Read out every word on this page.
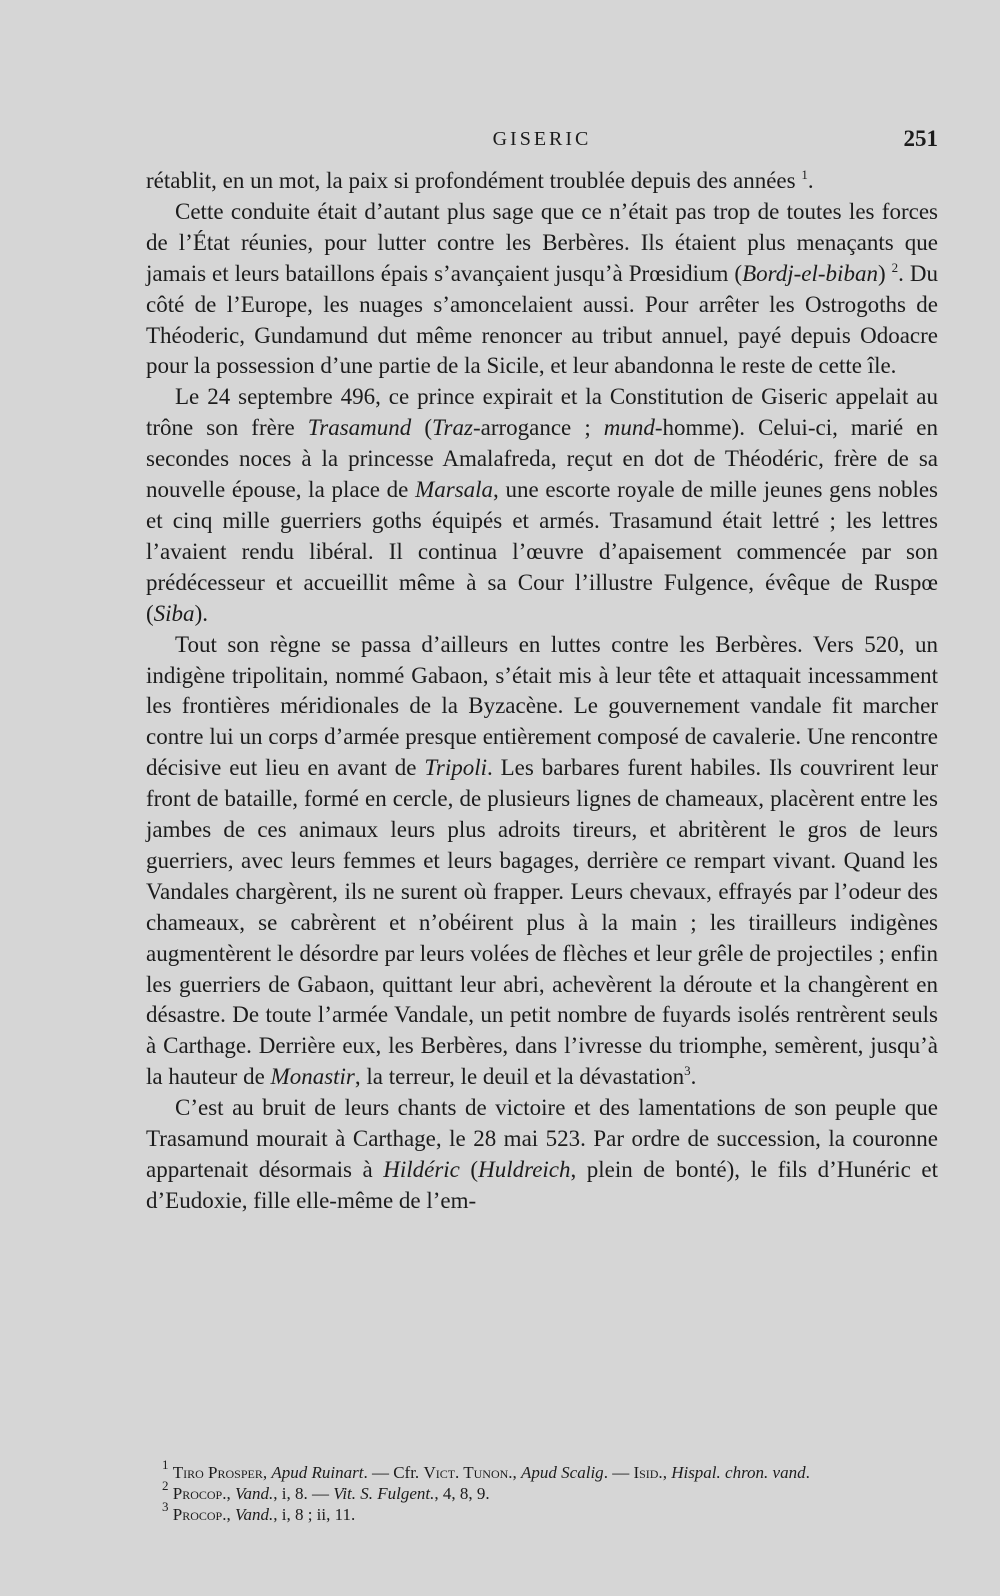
GISERIC	251

rétablit, en un mot, la paix si profondément troublée depuis des années $^1$.

Cette conduite était d’autant plus sage que ce n’était pas trop de toutes les forces de l’État réunies, pour lutter contre les Berbères. Ils étaient plus menaçants que jamais et leurs bataillons épais s’avançaient jusqu’à Prœsidium (Bordj-el-biban) $^2$. Du côté de l’Europe, les nuages s’amoncelaient aussi. Pour arrêter les Ostrogoths de Théoderic, Gundamund dut même renoncer au tribut annuel, payé depuis Odoacre pour la possession d’une partie de la Sicile, et leur abandonna le reste de cette île.

Le 24 septembre 496, ce prince expirait et la Constitution de Giseric appelait au trône son frère Trasamund (Traz-arrogance ; mund-homme). Celui-ci, marié en secondes noces à la princesse Amalafreda, reçut en dot de Théodéric, frère de sa nouvelle épouse, la place de Marsala, une escorte royale de mille jeunes gens nobles et cinq mille guerriers goths équipés et armés. Trasamund était lettré ; les lettres l’avaient rendu libéral. Il continua l’œuvre d’apaisement commencée par son prédécesseur et accueillit même à sa Cour l’illustre Fulgence, évêque de Ruspœ (Siba).

Tout son règne se passa d’ailleurs en luttes contre les Berbères. Vers 520, un indigène tripolitain, nommé Gabaon, s’était mis à leur tête et attaquait incessamment les frontières méridionales de la Byzacène. Le gouvernement vandale fit marcher contre lui un corps d’armée presque entièrement composé de cavalerie. Une rencontre décisive eut lieu en avant de Tripoli. Les barbares furent habiles. Ils couvrirent leur front de bataille, formé en cercle, de plusieurs lignes de chameaux, placèrent entre les jambes de ces animaux leurs plus adroits tireurs, et abritèrent le gros de leurs guerriers, avec leurs femmes et leurs bagages, derrière ce rempart vivant. Quand les Vandales chargèrent, ils ne surent où frapper. Leurs chevaux, effrayés par l’odeur des chameaux, se cabrèrent et n’obéirent plus à la main ; les tirailleurs indigènes augmentèrent le désordre par leurs volées de flèches et leur grêle de projectiles ; enfin les guerriers de Gabaon, quittant leur abri, achevèrent la déroute et la changèrent en désastre. De toute l’armée Vandale, un petit nombre de fuyards isolés rentrèrent seuls à Carthage. Derrière eux, les Berbères, dans l’ivresse du triomphe, semèrent, jusqu’à la hauteur de Monastir, la terreur, le deuil et la dévastation$^3$.

C’est au bruit de leurs chants de victoire et des lamentations de son peuple que Trasamund mourait à Carthage, le 28 mai 523. Par ordre de succession, la couronne appartenait désormais à Hildéric (Huldreich, plein de bonté), le fils d’Hunéric et d’Eudoxie, fille elle-même de l’em-

$^1$ Tiro Prosper, Apud Ruinart. — Cfr. Vict. Tunon., Apud Scalig. — Isid., Hispal. chron. vand.
$^2$ Procop., Vand., i, 8. — Vit. S. Fulgent., 4, 8, 9.
$^3$ Procop., Vand., i, 8 ; ii, 11.
